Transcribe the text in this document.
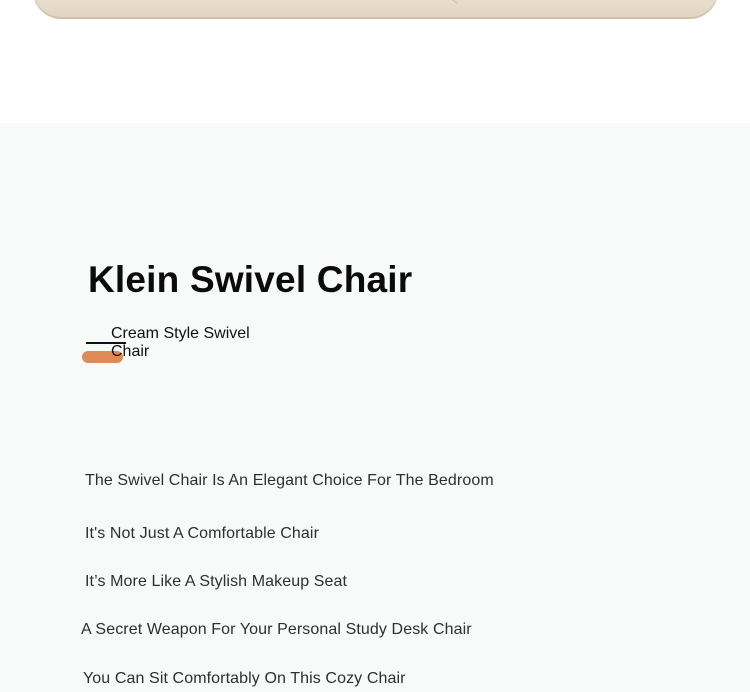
Klein Swivel Chair
Cream Style Swivel Chair

The Swivel Chair Is An Elegant Choice For The Bedroom

It's Not Just A Comfortable Chair

It’s More Like A Stylish Makeup Seat

A Secret Weapon For Your Personal Study Desk Chair

You Can Sit Comfortably On This Cozy Chair
